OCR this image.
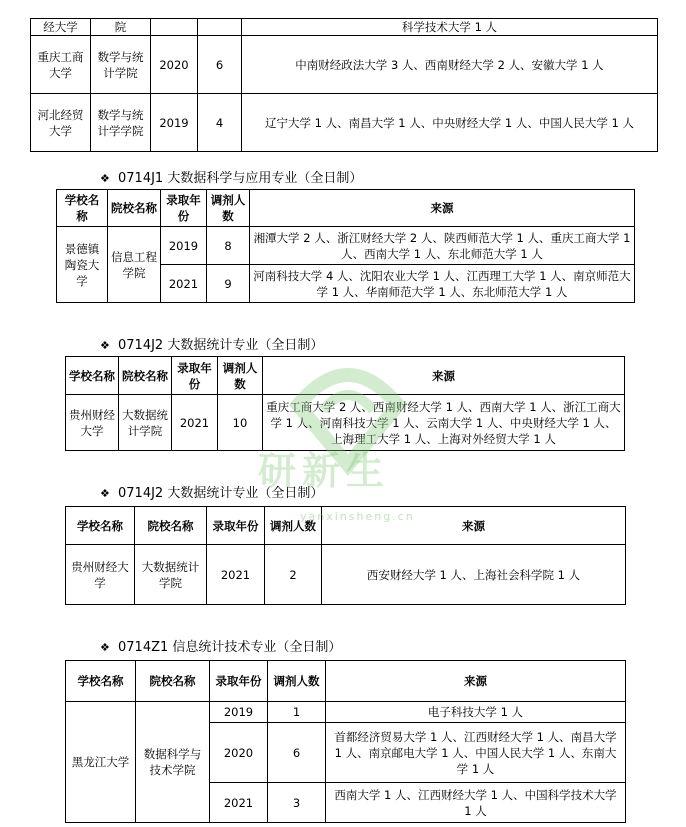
经大学	院			科学技术大学 1 人
重庆工商大学	数学与统计学院	2020	6	中南财经政法大学 3 人、西南财经大学 2 人、安徽大学 1 人
河北经贸大学	数学与统计学学院	2019	4	辽宁大学 1 人、南昌大学 1 人、中央财经大学 1 人、中国人民大学 1 人
❖ 0714J1 大数据科学与应用专业（全日制）
学校名称	院校名称	录取年份	调剂人数	来源
景德镇陶瓷大学	信息工程学院	2019	8	湘潭大学 2 人、浙江财经大学 2 人、陕西师范大学 1 人、重庆工商大学 1 人、西南大学 1 人、东北师范大学 1 人
		2021	9	河南科技大学 4 人、沈阳农业大学 1 人、江西理工大学 1 人、南京师范大学 1 人、华南师范大学 1 人、东北师范大学 1 人
❖ 0714J2 大数据统计专业（全日制）
学校名称	院校名称	录取年份	调剂人数	来源
贵州财经大学	大数据统计学院	2021	10	重庆工商大学 2 人、西南财经大学 1 人、西南大学 1 人、浙江工商大学 1 人、河南科技大学 1 人、云南大学 1 人、中央财经大学 1 人、上海理工大学 1 人、上海对外经贸大学 1 人
❖ 0714J2 大数据统计专业（全日制）
学校名称	院校名称	录取年份	调剂人数	来源
贵州财经大学	大数据统计学院	2021	2	西安财经大学 1 人、上海社会科学院 1 人
❖ 0714Z1 信息统计技术专业（全日制）
学校名称	院校名称	录取年份	调剂人数	来源
黑龙江大学	数据科学与技术学院	2019	1	电子科技大学 1 人
		2020	6	首都经济贸易大学 1 人、江西财经大学 1 人、南昌大学 1 人、南京邮电大学 1 人、中国人民大学 1 人、东南大学 1 人
		2021	3	西南大学 1 人、江西财经大学 1 人、中国科学技术大学 1 人
研新生
yanxinsheng.cn
